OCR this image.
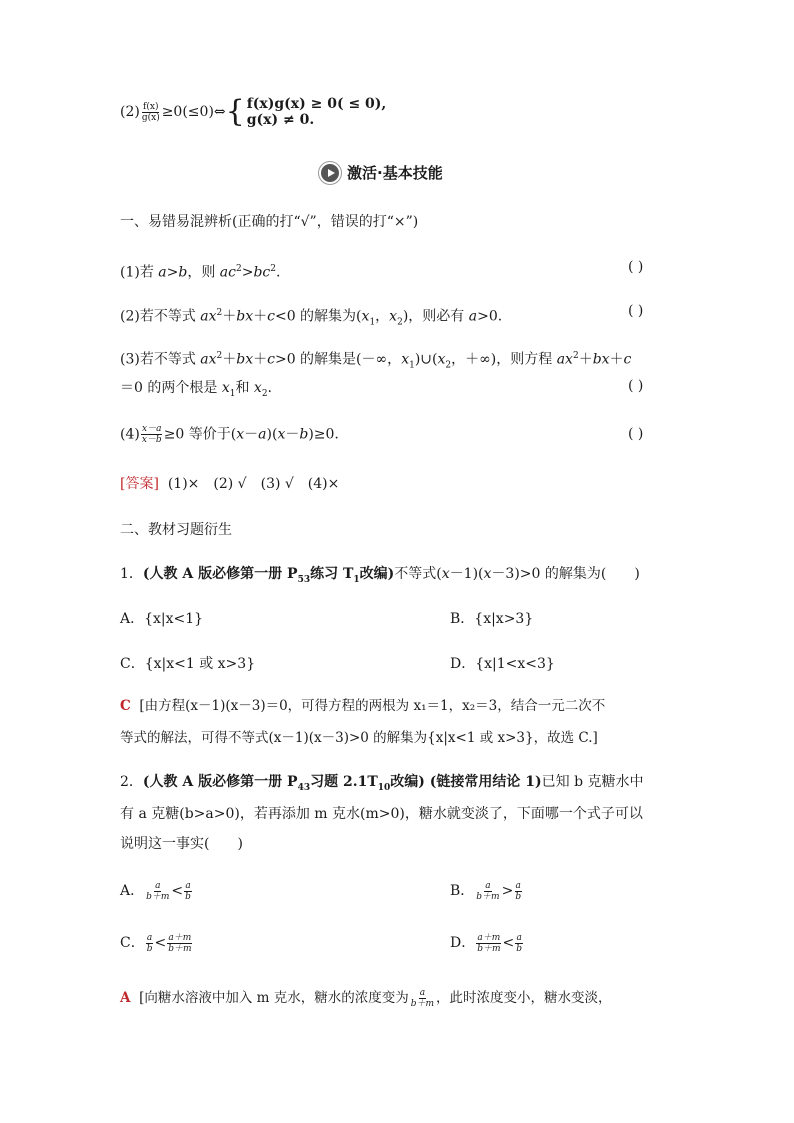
$(2) \frac{f(x)}{g(x)}$ ≥0(≤0)⇔ { f(x)g(x) ≥ 0( ≤ 0),
g(x) ≠ 0.
激活·基本技能
一、易错易混辨析(正确的打“√”，错误的打“×”)
(1)若 a>b，则 $ac^2>bc^2$.	( )
(2)若不等式 $ax^2+bx+c<0$ 的解集为($x_1$，$x_2$)，则必有 a>0.	( )
(3)若不等式 $ax^2+bx+c>0$ 的解集是(－∞，$x_1)\cup(x_2$，＋∞)，则方程 $ax^2+bx+c$
＝0 的两个根是 $x_1$和 $x_2$.	( )
$(4) \frac{x-a}{x-b} \ge 0$ 等价于(x－a)(x－b)≥0.	( )
[答案] (1)×　(2) √　(3) √　(4)×
二、教材习题衍生
1．(人教 A 版必修第一册 $P_{53}$练习 $T_1$改编)不等式(x－1)(x－3)>0 的解集为(　　)
A．{x|x<1}	B．{x|x>3}
C．{x|x<1 或 x>3}	D．{x|1<x<3}
C [由方程(x－1)(x－3)＝0，可得方程的两根为 x₁＝1，x₂＝3，结合一元二次不
等式的解法，可得不等式(x－1)(x－3)>0 的解集为{x|x<1 或 x>3}，故选 C.]
2．(人教 A 版必修第一册 $P_{43}$习题 $2.1T_{10}$改编) (链接常用结论 1)已知 b 克糖水中
有 a 克糖(b>a>0)，若再添加 m 克水(m>0)，糖水就变淡了，下面哪一个式子可以
说明这一事实(　　)
A． $\frac{a}{b+m} < \frac{a}{b}$	B． $\frac{a}{b+m} > \frac{a}{b}$
C． $\frac{a}{b} < \frac{a+m}{b+m}$	D． $\frac{a+m}{b+m} < \frac{a}{b}$
A [向糖水溶液中加入 m 克水，糖水的浓度变为 $\frac{a}{b+m}$ ，此时浓度变小，糖水变淡，
